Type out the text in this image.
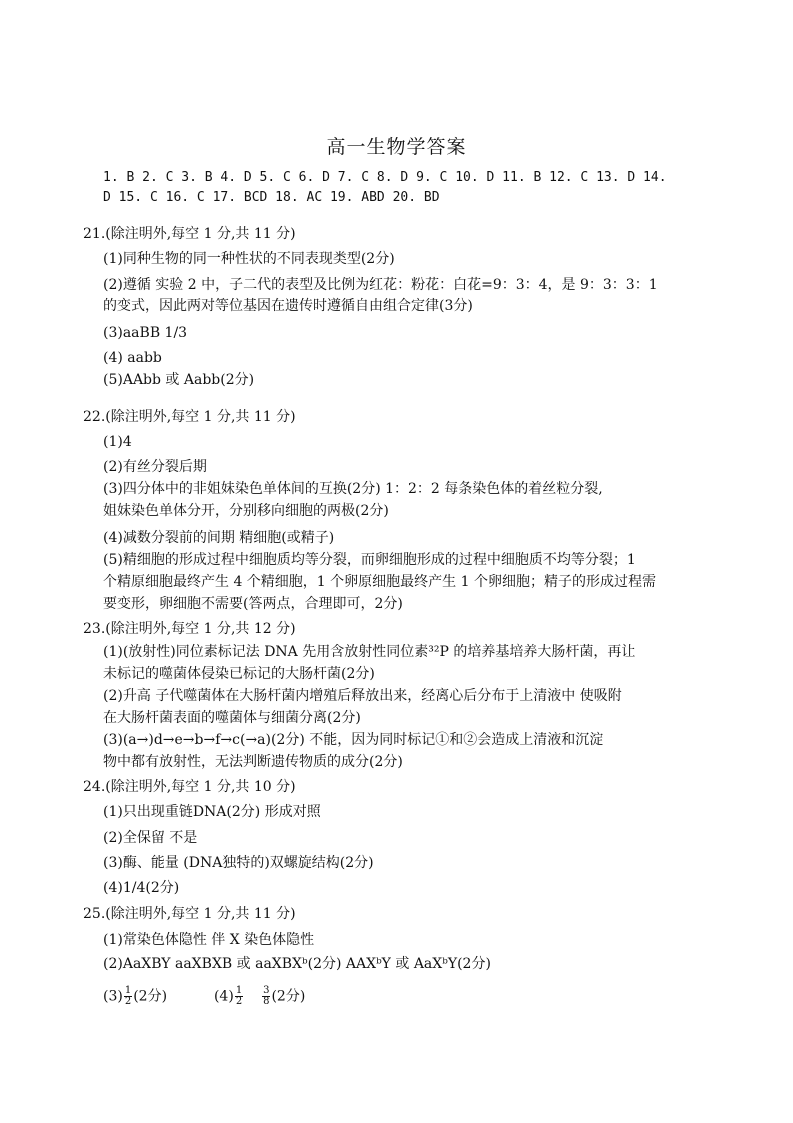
高一生物学答案
1. B 2. C 3. B 4. D 5. C 6. D 7. C 8. D 9. C 10. D 11. B 12. C 13. D 14.
D 15. C 16. C 17. BCD 18. AC 19. ABD 20. BD
21.(除注明外,每空 1 分,共 11 分)
(1)同种生物的同一种性状的不同表现类型(2分)
(2)遵循 实验 2 中，子二代的表型及比例为红花：粉花：白花=9：3：4，是 9：3：3：1
的变式，因此两对等位基因在遗传时遵循自由组合定律(3分)
(3)aaBB 1/3
(4) aabb
(5)AAbb 或 Aabb(2分)
22.(除注明外,每空 1 分,共 11 分)
(1)4
(2)有丝分裂后期
(3)四分体中的非姐妹染色单体间的互换(2分) 1：2：2 每条染色体的着丝粒分裂,
姐妹染色单体分开，分别移向细胞的两极(2分)
(4)减数分裂前的间期 精细胞(或精子)
(5)精细胞的形成过程中细胞质均等分裂，而卵细胞形成的过程中细胞质不均等分裂；1
个精原细胞最终产生 4 个精细胞，1 个卵原细胞最终产生 1 个卵细胞；精子的形成过程需
要变形，卵细胞不需要(答两点，合理即可，2分)
23.(除注明外,每空 1 分,共 12 分)
(1)(放射性)同位素标记法 DNA 先用含放射性同位素³²P 的培养基培养大肠杆菌，再让
未标记的噬菌体侵染已标记的大肠杆菌(2分)
(2)升高 子代噬菌体在大肠杆菌内增殖后释放出来，经离心后分布于上清液中 使吸附
在大肠杆菌表面的噬菌体与细菌分离(2分)
(3)(a→)d→e→b→f→c(→a)(2分) 不能，因为同时标记①和②会造成上清液和沉淀
物中都有放射性，无法判断遗传物质的成分(2分)
24.(除注明外,每空 1 分,共 10 分)
(1)只出现重链DNA(2分) 形成对照
(2)全保留 不是
(3)酶、能量 (DNA独特的)双螺旋结构(2分)
(4)1/4(2分)
25.(除注明外,每空 1 分,共 11 分)
(1)常染色体隐性 伴 X 染色体隐性
(2)AaXBY aaXBXB 或 aaXBXᵇ(2分) AAXᵇY 或 AaXᵇY(2分)
$(3) \frac{1}{2} (2$分)	$(4) \frac{1}{2}$
$\frac{3}{8} (2$分)
